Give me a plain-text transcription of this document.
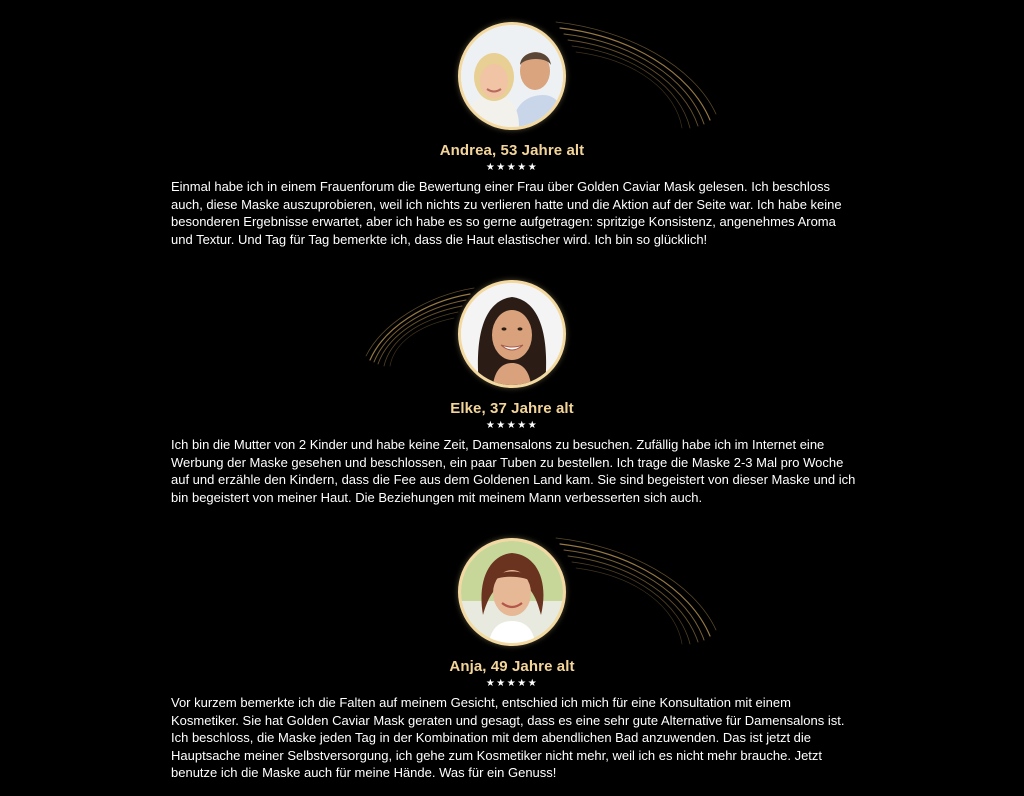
Andrea, 53 Jahre alt
★★★★★
Einmal habe ich in einem Frauenforum die Bewertung einer Frau über Golden Caviar Mask gelesen. Ich beschloss auch, diese Maske auszuprobieren, weil ich nichts zu verlieren hatte und die Aktion auf der Seite war. Ich habe keine besonderen Ergebnisse erwartet, aber ich habe es so gerne aufgetragen: spritzige Konsistenz, angenehmes Aroma und Textur. Und Tag für Tag bemerkte ich, dass die Haut elastischer wird. Ich bin so glücklich!
Elke, 37 Jahre alt
★★★★★
Ich bin die Mutter von 2 Kinder und habe keine Zeit, Damensalons zu besuchen. Zufällig habe ich im Internet eine Werbung der Maske gesehen und beschlossen, ein paar Tuben zu bestellen. Ich trage die Maske 2-3 Mal pro Woche auf und erzähle den Kindern, dass die Fee aus dem Goldenen Land kam. Sie sind begeistert von dieser Maske und ich bin begeistert von meiner Haut. Die Beziehungen mit meinem Mann verbesserten sich auch.
Anja, 49 Jahre alt
★★★★★
Vor kurzem bemerkte ich die Falten auf meinem Gesicht, entschied ich mich für eine Konsultation mit einem Kosmetiker. Sie hat Golden Caviar Mask geraten und gesagt, dass es eine sehr gute Alternative für Damensalons ist. Ich beschloss, die Maske jeden Tag in der Kombination mit dem abendlichen Bad anzuwenden. Das ist jetzt die Hauptsache meiner Selbstversorgung, ich gehe zum Kosmetiker nicht mehr, weil ich es nicht mehr brauche. Jetzt benutze ich die Maske auch für meine Hände. Was für ein Genuss!
